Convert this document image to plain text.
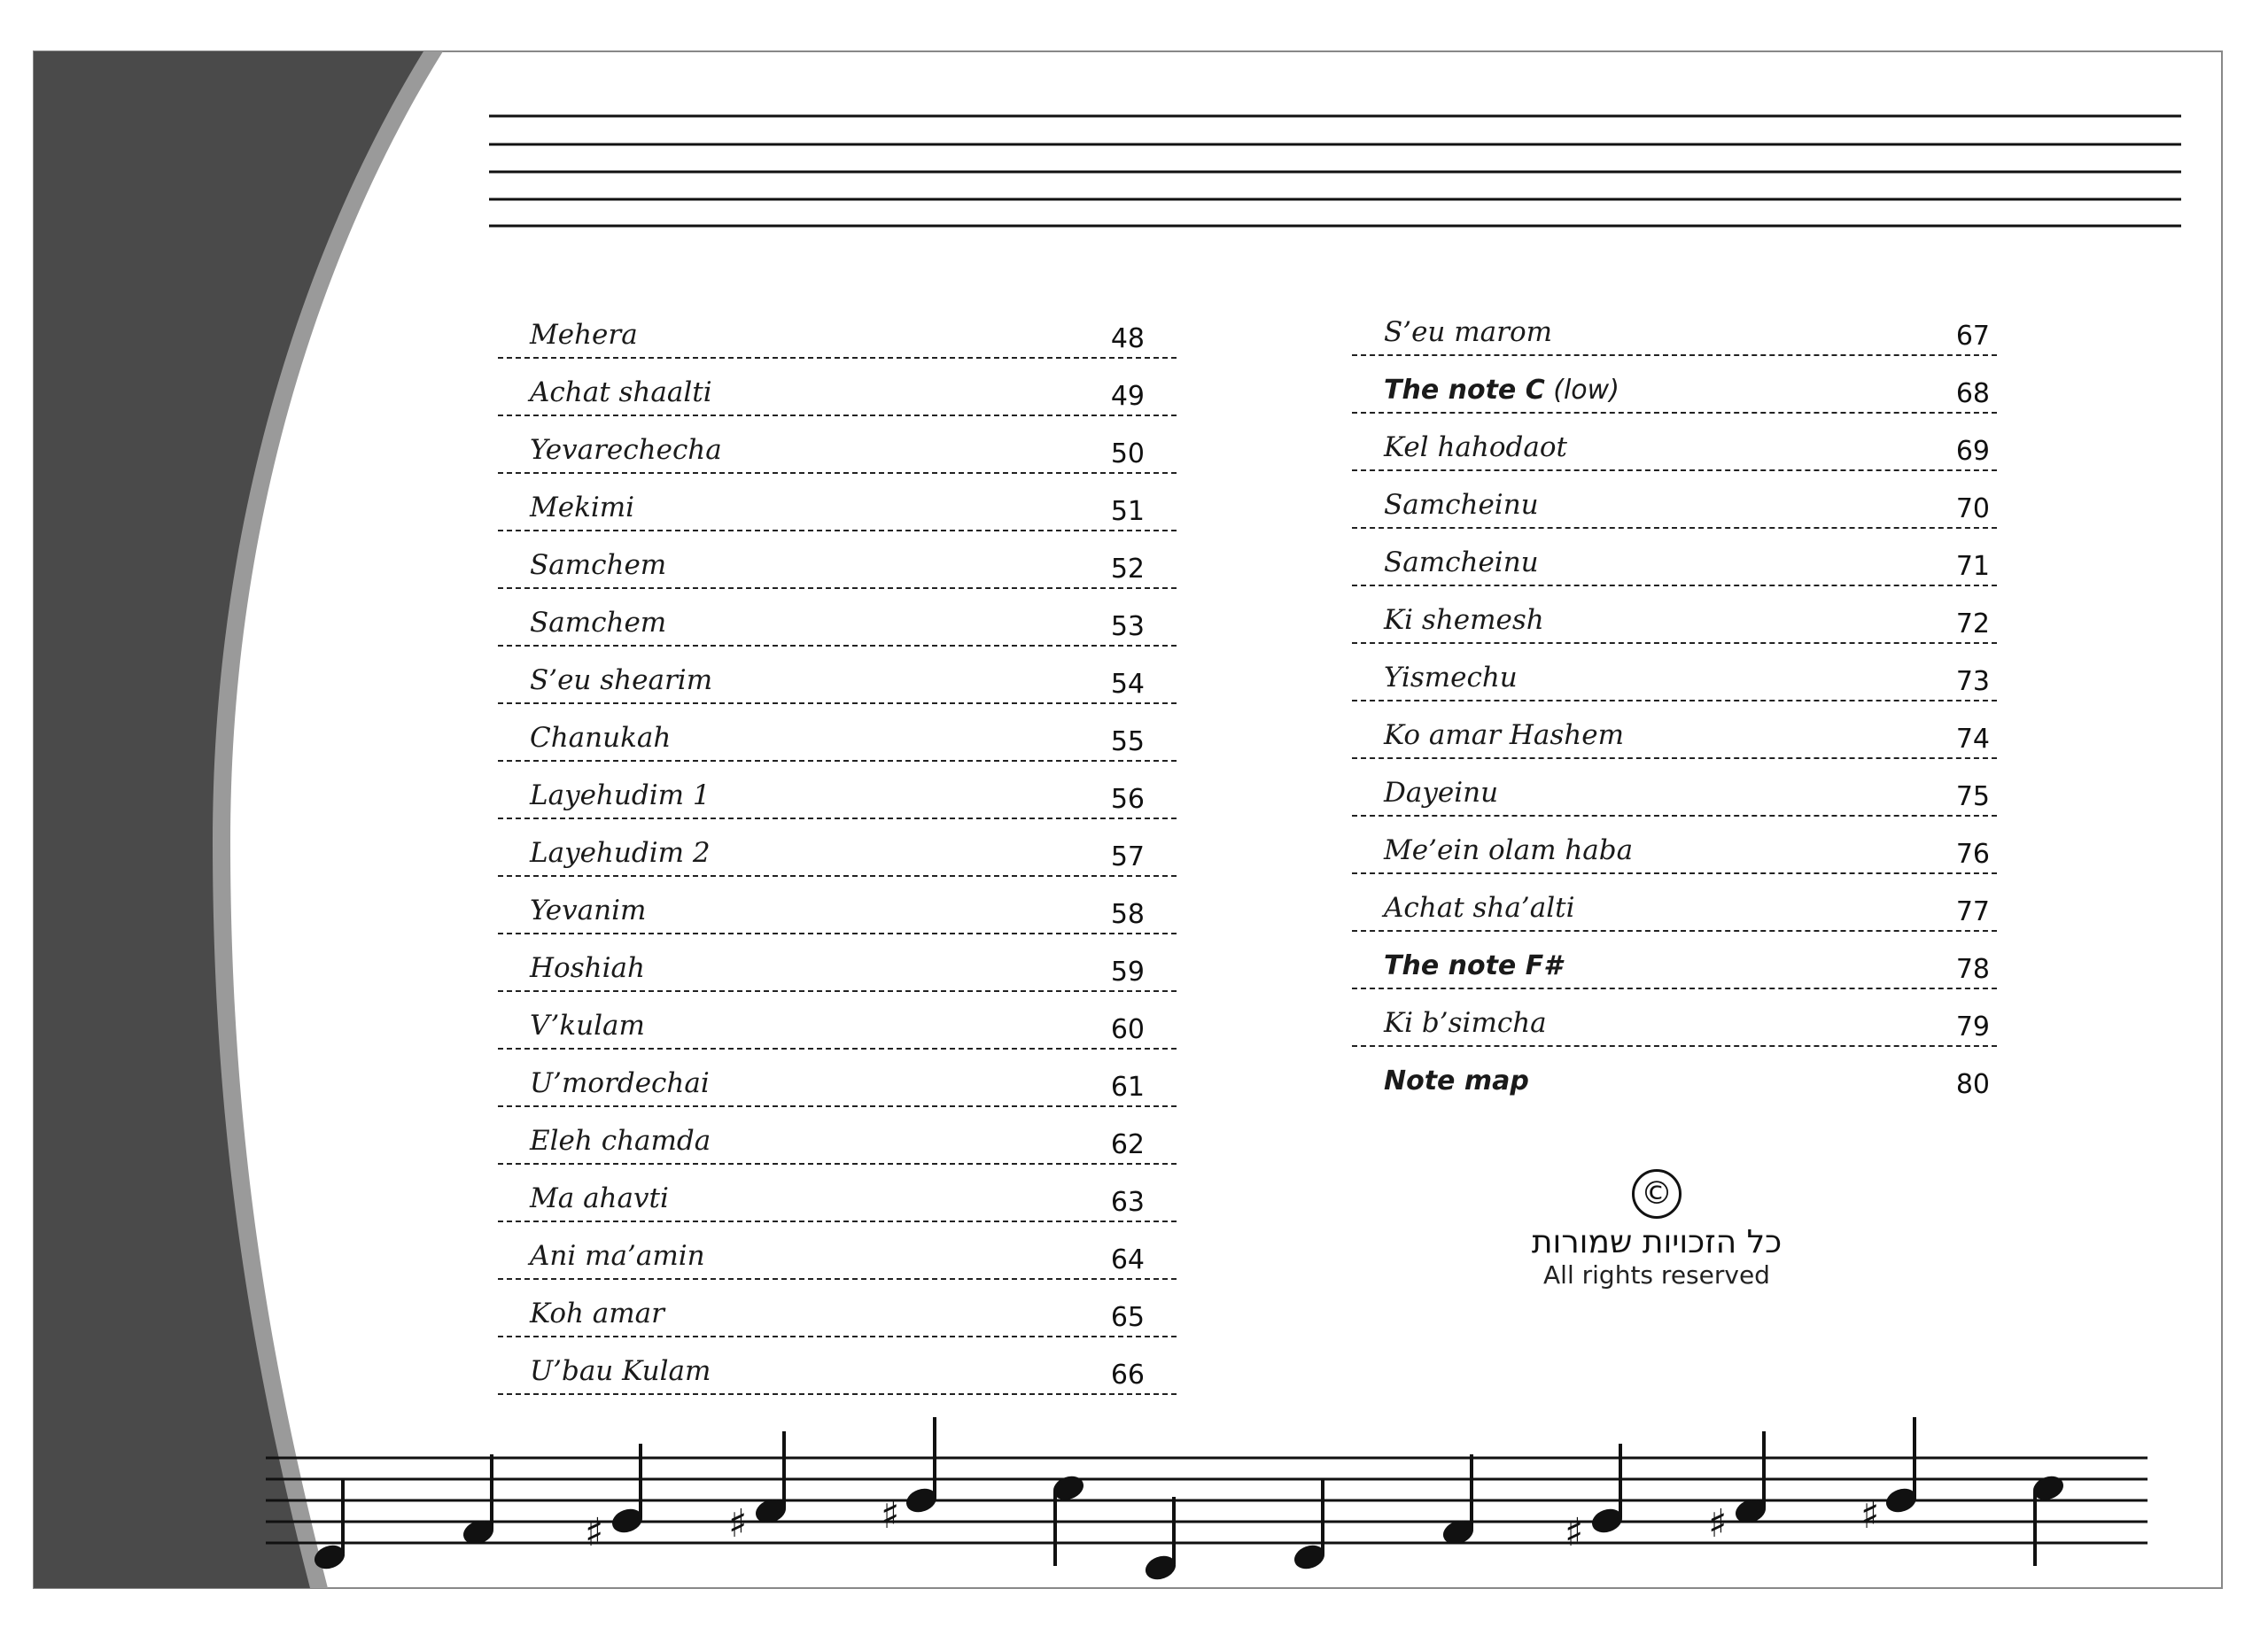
♯	♯	♯	♯	♯	♯
Mehera	48
Achat shaalti	49
Yevarechecha	50
Mekimi	51
Samchem	52
Samchem	53
S’eu shearim	54
Chanukah	55
Layehudim 1	56
Layehudim 2	57
Yevanim	58
Hoshiah	59
V’kulam	60
U’mordechai	61
Eleh chamda	62
Ma ahavti	63
Ani ma’amin	64
Koh amar	65
U’bau Kulam	66
S’eu marom	67
The note C (low)	68
Kel hahodaot	69
Samcheinu	70
Samcheinu	71
Ki shemesh	72
Yismechu	73
Ko amar Hashem	74
Dayeinu	75
Me’ein olam haba	76
Achat sha’alti	77
The note F#	78
Ki b’simcha	79
Note map	80
©
כל הזכויות שמורות
All rights reserved
